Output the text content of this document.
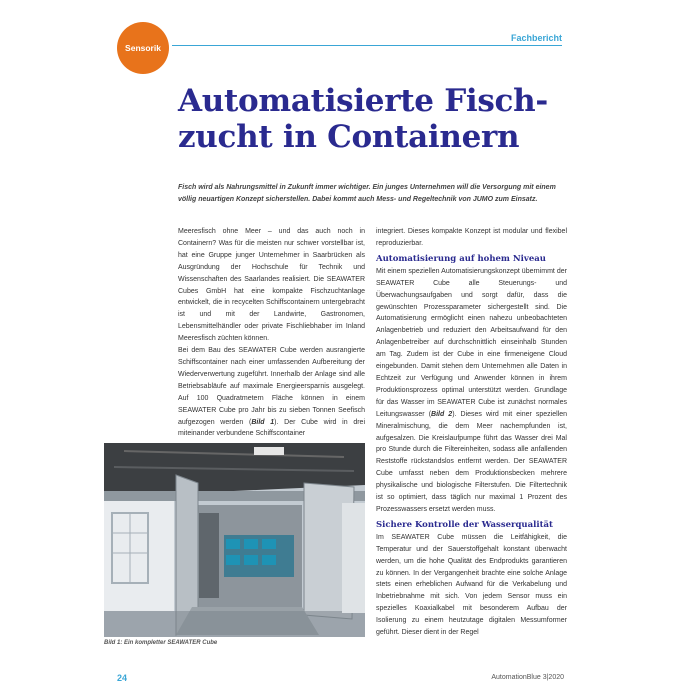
Sensorik
Fachbericht
Automatisierte Fisch-
zucht in Containern

Fisch wird als Nahrungsmittel in Zukunft immer wichtiger. Ein junges Unternehmen will die Versorgung mit einem völlig neuartigen Konzept sicherstellen. Dabei kommt auch Mess- und Regeltechnik von JUMO zum Einsatz.

Meeresfisch ohne Meer – und das auch noch in Containern? Was für die meisten nur schwer vorstellbar ist, hat eine Gruppe junger Unternehmer in Saarbrücken als Ausgründung der Hochschule für Technik und Wissenschaften des Saarlandes realisiert. Die SEAWATER Cubes GmbH hat eine kompakte Fischzuchtanlage entwickelt, die in recycelten Schiffscontainern untergebracht ist und mit der Landwirte, Gastronomen, Lebensmittelhändler oder private Fischliebhaber im Inland Meeresfisch züchten können.

Bei dem Bau des SEAWATER Cube werden ausrangierte Schiffscontainer nach einer umfassenden Aufbereitung der Wiederverwertung zugeführt. Innerhalb der Anlage sind alle Betriebsabläufe auf maximale Energieersparnis ausgelegt. Auf 100 Quadratmetern Fläche können in einem SEAWATER Cube pro Jahr bis zu sieben Tonnen Seefisch aufgezogen werden (Bild 1). Der Cube wird in drei miteinander verbundene Schiffscontainer

integriert. Dieses kompakte Konzept ist modular und flexibel reproduzierbar.

Automatisierung auf hohem Niveau

Mit einem speziellen Automatisierungskonzept übernimmt der SEAWATER Cube alle Steuerungs- und Überwachungsaufgaben und sorgt dafür, dass die gewünschten Prozessparameter sichergestellt sind. Die Automatisierung ermöglicht einen nahezu unbeobachteten Anlagenbetrieb und reduziert den Arbeitsaufwand für den Anlagenbetreiber auf durchschnittlich einseinhalb Stunden am Tag. Zudem ist der Cube in eine firmeneigene Cloud eingebunden. Damit stehen dem Unternehmen alle Daten in Echtzeit zur Verfügung und Anwender können in ihrem Produktionsprozess optimal unterstützt werden. Grundlage für das Wasser im SEAWATER Cube ist zunächst normales Leitungswasser (Bild 2). Dieses wird mit einer speziellen Mineralmischung, die dem Meer nachempfunden ist, aufgesalzen. Die Kreislaufpumpe führt das Wasser drei Mal pro Stunde durch die Filtereinheiten, sodass alle anfallenden Reststoffe rückstandslos entfernt werden. Der SEAWATER Cube umfasst neben dem Produktionsbecken mehrere physikalische und biologische Filterstufen. Die Filtertechnik ist so optimiert, dass täglich nur maximal 1 Prozent des Prozesswassers ersetzt werden muss.

Sichere Kontrolle der Wasserqualität

Im SEAWATER Cube müssen die Leitfähigkeit, die Temperatur und der Sauerstoffgehalt konstant überwacht werden, um die hohe Qualität des Endprodukts garantieren zu können. In der Vergangenheit brachte eine solche Anlage stets einen erheblichen Aufwand für die Verkabelung und Inbetriebnahme mit sich. Von jedem Sensor muss ein spezielles Koaxialkabel mit besonderem Aufbau der Isolierung zu einem heutzutage digitalen Messumformer geführt. Dieser dient in der Regel

Bild 1: Ein kompletter SEAWATER Cube
24	AutomationBlue 3|2020
